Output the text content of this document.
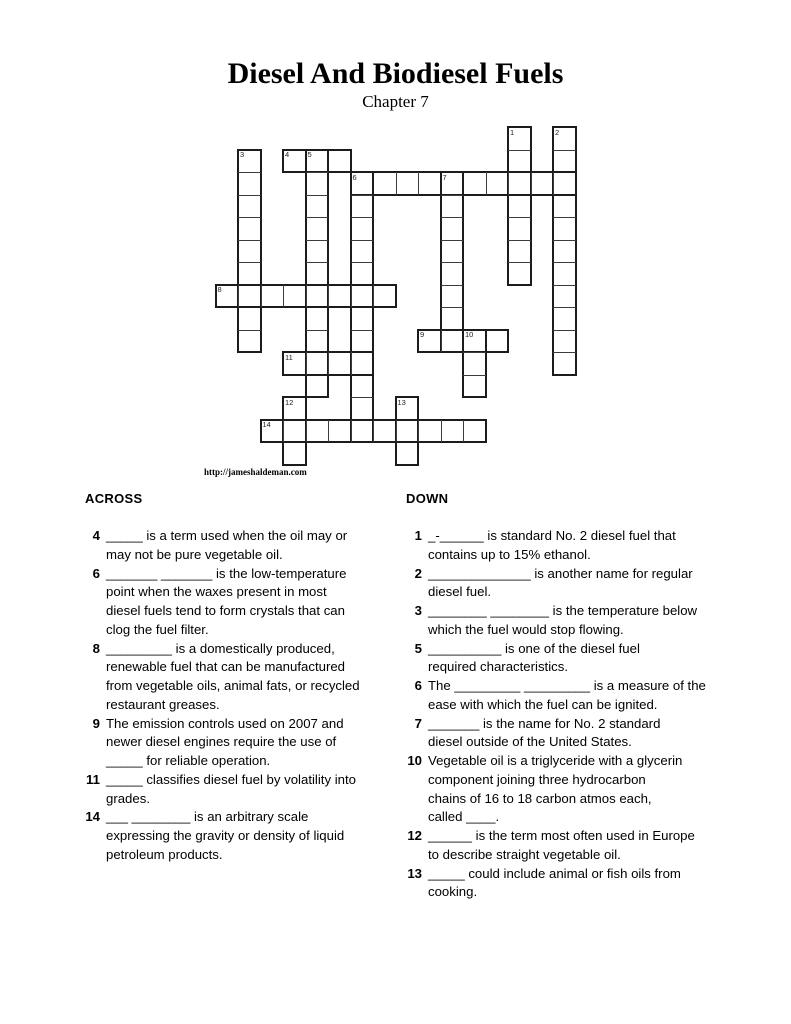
Diesel And Biodiesel Fuels
Chapter 7
1	2
3	4 5
6	7
8
9	10
11
12	13
14
http://jameshaldeman.com
ACROSS	DOWN
4 _____ is a term used when the oil may or
may not be pure vegetable oil.
6 _______ _______ is the low-temperature
point when the waxes present in most
diesel fuels tend to form crystals that can
clog the fuel filter.
8 _________ is a domestically produced,
renewable fuel that can be manufactured
from vegetable oils, animal fats, or recycled
restaurant greases.
9 The emission controls used on 2007 and
newer diesel engines require the use of
_____ for reliable operation.
11 _____ classifies diesel fuel by volatility into
grades.
14 ___ ________ is an arbitrary scale
expressing the gravity or density of liquid
petroleum products.
1 _-______ is standard No. 2 diesel fuel that
contains up to 15% ethanol.
2 ______________ is another name for regular
diesel fuel.
3 ________ ________ is the temperature below
which the fuel would stop flowing.
5 __________ is one of the diesel fuel
required characteristics.
6 The _________ _________ is a measure of the
ease with which the fuel can be ignited.
7 _______ is the name for No. 2 standard
diesel outside of the United States.
10 Vegetable oil is a triglyceride with a glycerin
component joining three hydrocarbon
chains of 16 to 18 carbon atmos each,
called ____.
12 ______ is the term most often used in Europe
to describe straight vegetable oil.
13 _____ could include animal or fish oils from
cooking.
